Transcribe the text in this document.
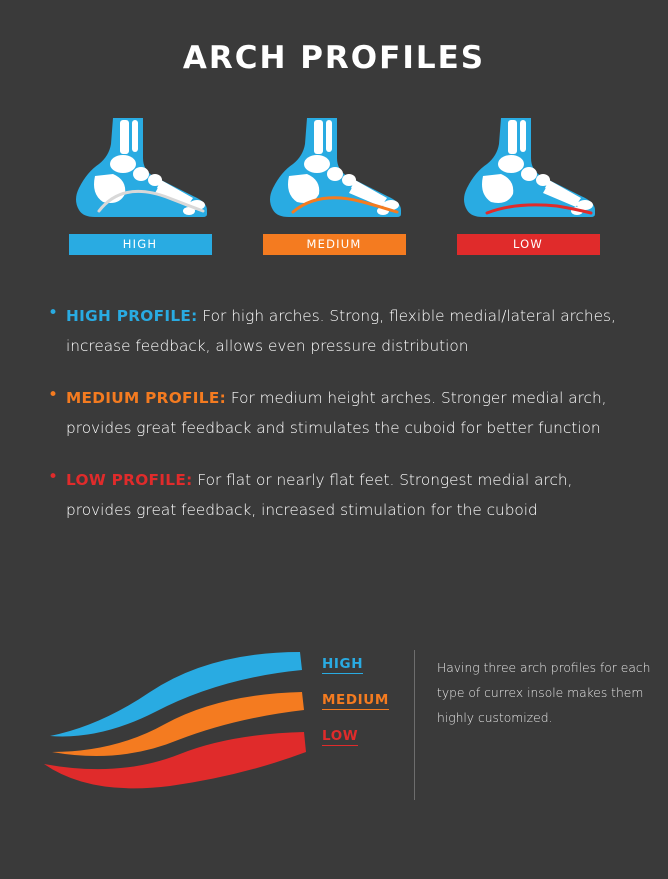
ARCH PROFILES
HIGH	MEDIUM	LOW
• HIGH PROFILE: For high arches. Strong, flexible medial/lateral arches, increase feedback, allows even pressure distribution
• MEDIUM PROFILE: For medium height arches. Stronger medial arch, provides great feedback and stimulates the cuboid for better function
• LOW PROFILE: For flat or nearly flat feet. Strongest medial arch, provides great feedback, increased stimulation for the cuboid
HIGH
MEDIUM
LOW
Having three arch profiles for each type of currex insole makes them highly customized.
